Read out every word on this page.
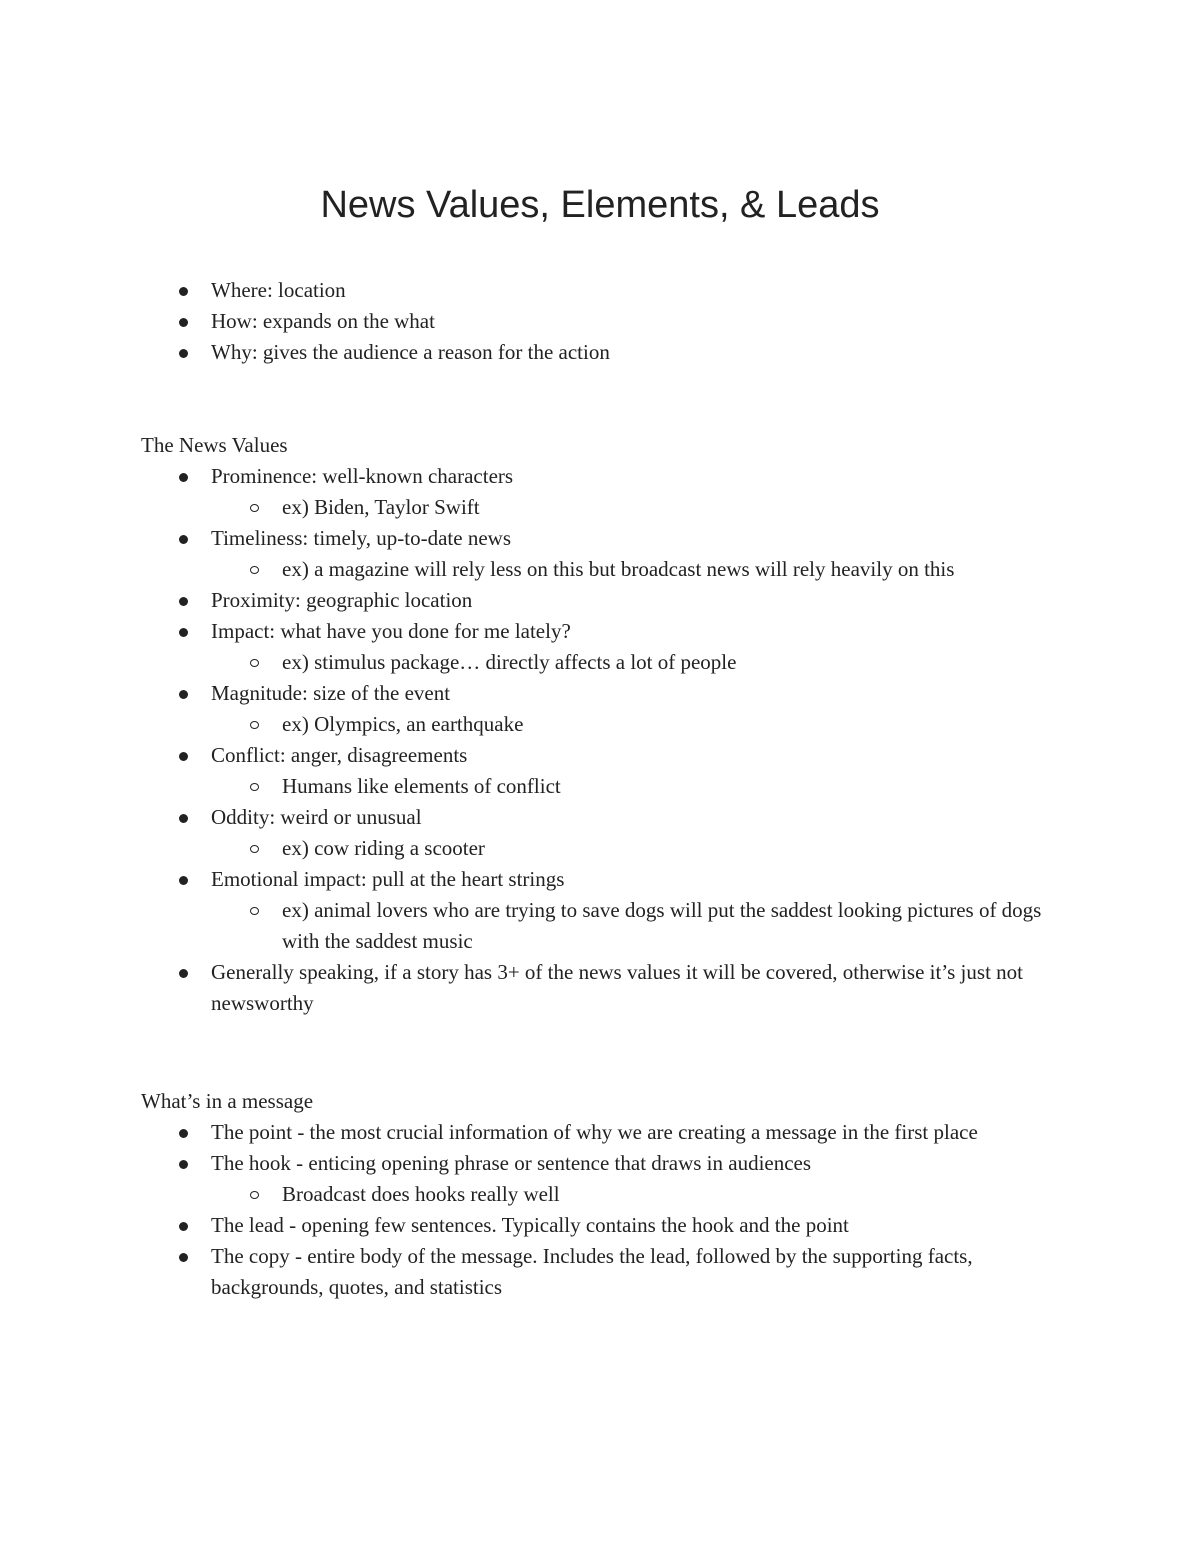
News Values, Elements, & Leads
Where: location
How: expands on the what
Why: gives the audience a reason for the action

The News Values

Prominence: well-known characters
ex) Biden, Taylor Swift
Timeliness: timely, up-to-date news
ex) a magazine will rely less on this but broadcast news will rely heavily on this
Proximity: geographic location
Impact: what have you done for me lately?
ex) stimulus package… directly affects a lot of people
Magnitude: size of the event
ex) Olympics, an earthquake
Conflict: anger, disagreements
Humans like elements of conflict
Oddity: weird or unusual
ex) cow riding a scooter
Emotional impact: pull at the heart strings
ex) animal lovers who are trying to save dogs will put the saddest looking pictures of dogs with the saddest music
Generally speaking, if a story has 3+ of the news values it will be covered, otherwise it’s just not newsworthy

What’s in a message

The point - the most crucial information of why we are creating a message in the first place
The hook - enticing opening phrase or sentence that draws in audiences
Broadcast does hooks really well
The lead - opening few sentences. Typically contains the hook and the point
The copy - entire body of the message. Includes the lead, followed by the supporting facts, backgrounds, quotes, and statistics
